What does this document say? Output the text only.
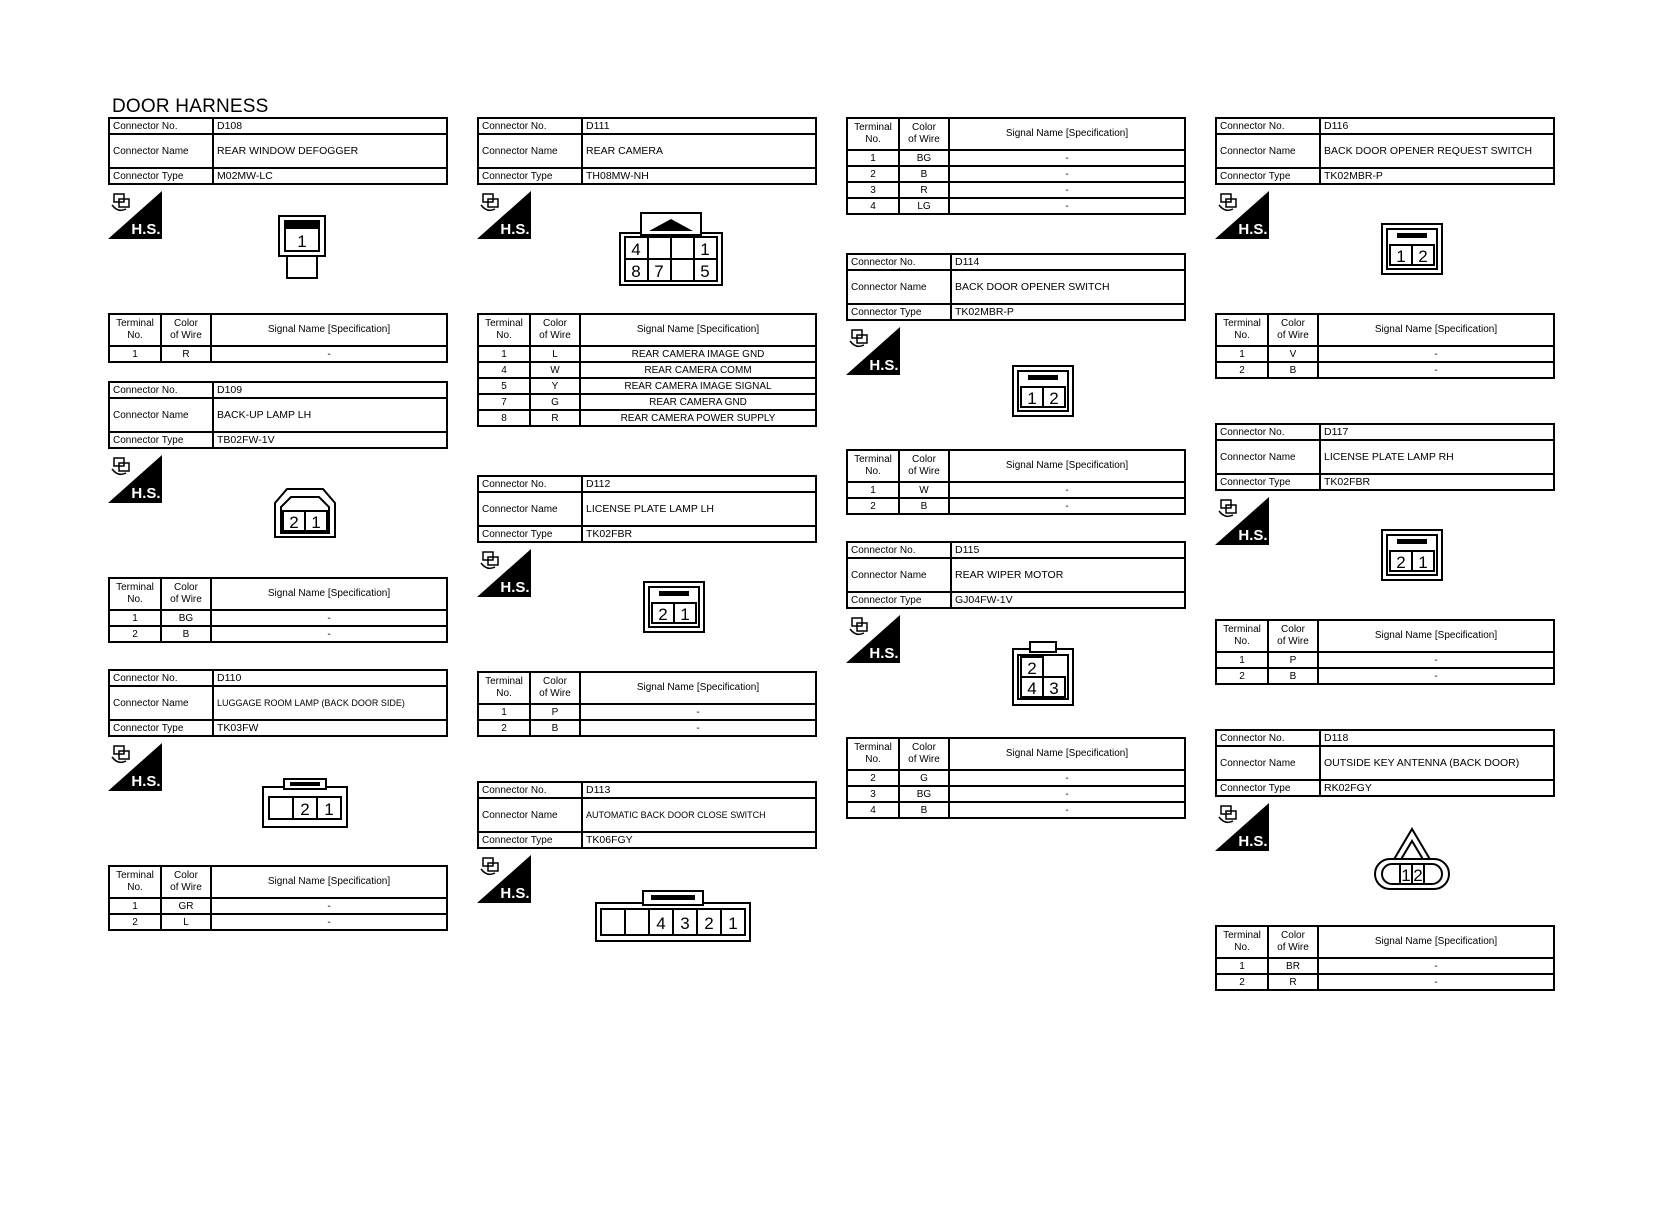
DOOR HARNESS
Connector No.	D108
Connector Name	REAR WINDOW DEFOGGER
Connector Type	M02MW-LC
H.S.
1
Terminal
No.	Color
of Wire	Signal Name [Specification]
1	R	-
Connector No.	D109
Connector Name	BACK-UP LAMP LH
Connector Type	TB02FW-1V
H.S.
2 1
Terminal
No.	Color
of Wire	Signal Name [Specification]
1	BG	-
2	B	-
Connector No.	D110
Connector Name	LUGGAGE ROOM LAMP (BACK DOOR SIDE)
Connector Type	TK03FW
H.S.
2 1
Terminal
No.	Color
of Wire	Signal Name [Specification]
1	GR	-
2	L	-
Connector No.	D111
Connector Name	REAR CAMERA
Connector Type	TH08MW-NH
H.S.
4	1
8 7 5
Terminal
No.	Color
of Wire	Signal Name [Specification]
1	L	REAR CAMERA IMAGE GND
4	W	REAR CAMERA COMM
5	Y	REAR CAMERA IMAGE SIGNAL
7	G	REAR CAMERA GND
8	R	REAR CAMERA POWER SUPPLY
Connector No.	D112
Connector Name	LICENSE PLATE LAMP LH
Connector Type	TK02FBR
H.S.
2 1
Terminal
No.	Color
of Wire	Signal Name [Specification]
1	P	-
2	B	-
Connector No.	D113
Connector Name	AUTOMATIC BACK DOOR CLOSE SWITCH
Connector Type	TK06FGY
H.S.
4 3 2 1
Terminal
No.	Color
of Wire	Signal Name [Specification]
1	BG	-
2	B	-
3	R	-
4	LG	-
Connector No.	D114
Connector Name	BACK DOOR OPENER SWITCH
Connector Type	TK02MBR-P
H.S.
1 2
Terminal
No.	Color
of Wire	Signal Name [Specification]
1	W	-
2	B	-
Connector No.	D115
Connector Name	REAR WIPER MOTOR
Connector Type	GJ04FW-1V
H.S.
2
4 3
Terminal
No.	Color
of Wire	Signal Name [Specification]
2	G	-
3	BG	-
4	B	-
Connector No.	D116
Connector Name	BACK DOOR OPENER REQUEST SWITCH
Connector Type	TK02MBR-P
H.S.
1 2
Terminal
No.	Color
of Wire	Signal Name [Specification]
1	V	-
2	B	-
Connector No.	D117
Connector Name	LICENSE PLATE LAMP RH
Connector Type	TK02FBR
H.S.
2 1
Terminal
No.	Color
of Wire	Signal Name [Specification]
1	P	-
2	B	-
Connector No.	D118
Connector Name	OUTSIDE KEY ANTENNA (BACK DOOR)
Connector Type	RK02FGY
H.S.
1 2
Terminal
No.	Color
of Wire	Signal Name [Specification]
1	BR	-
2	R	-
